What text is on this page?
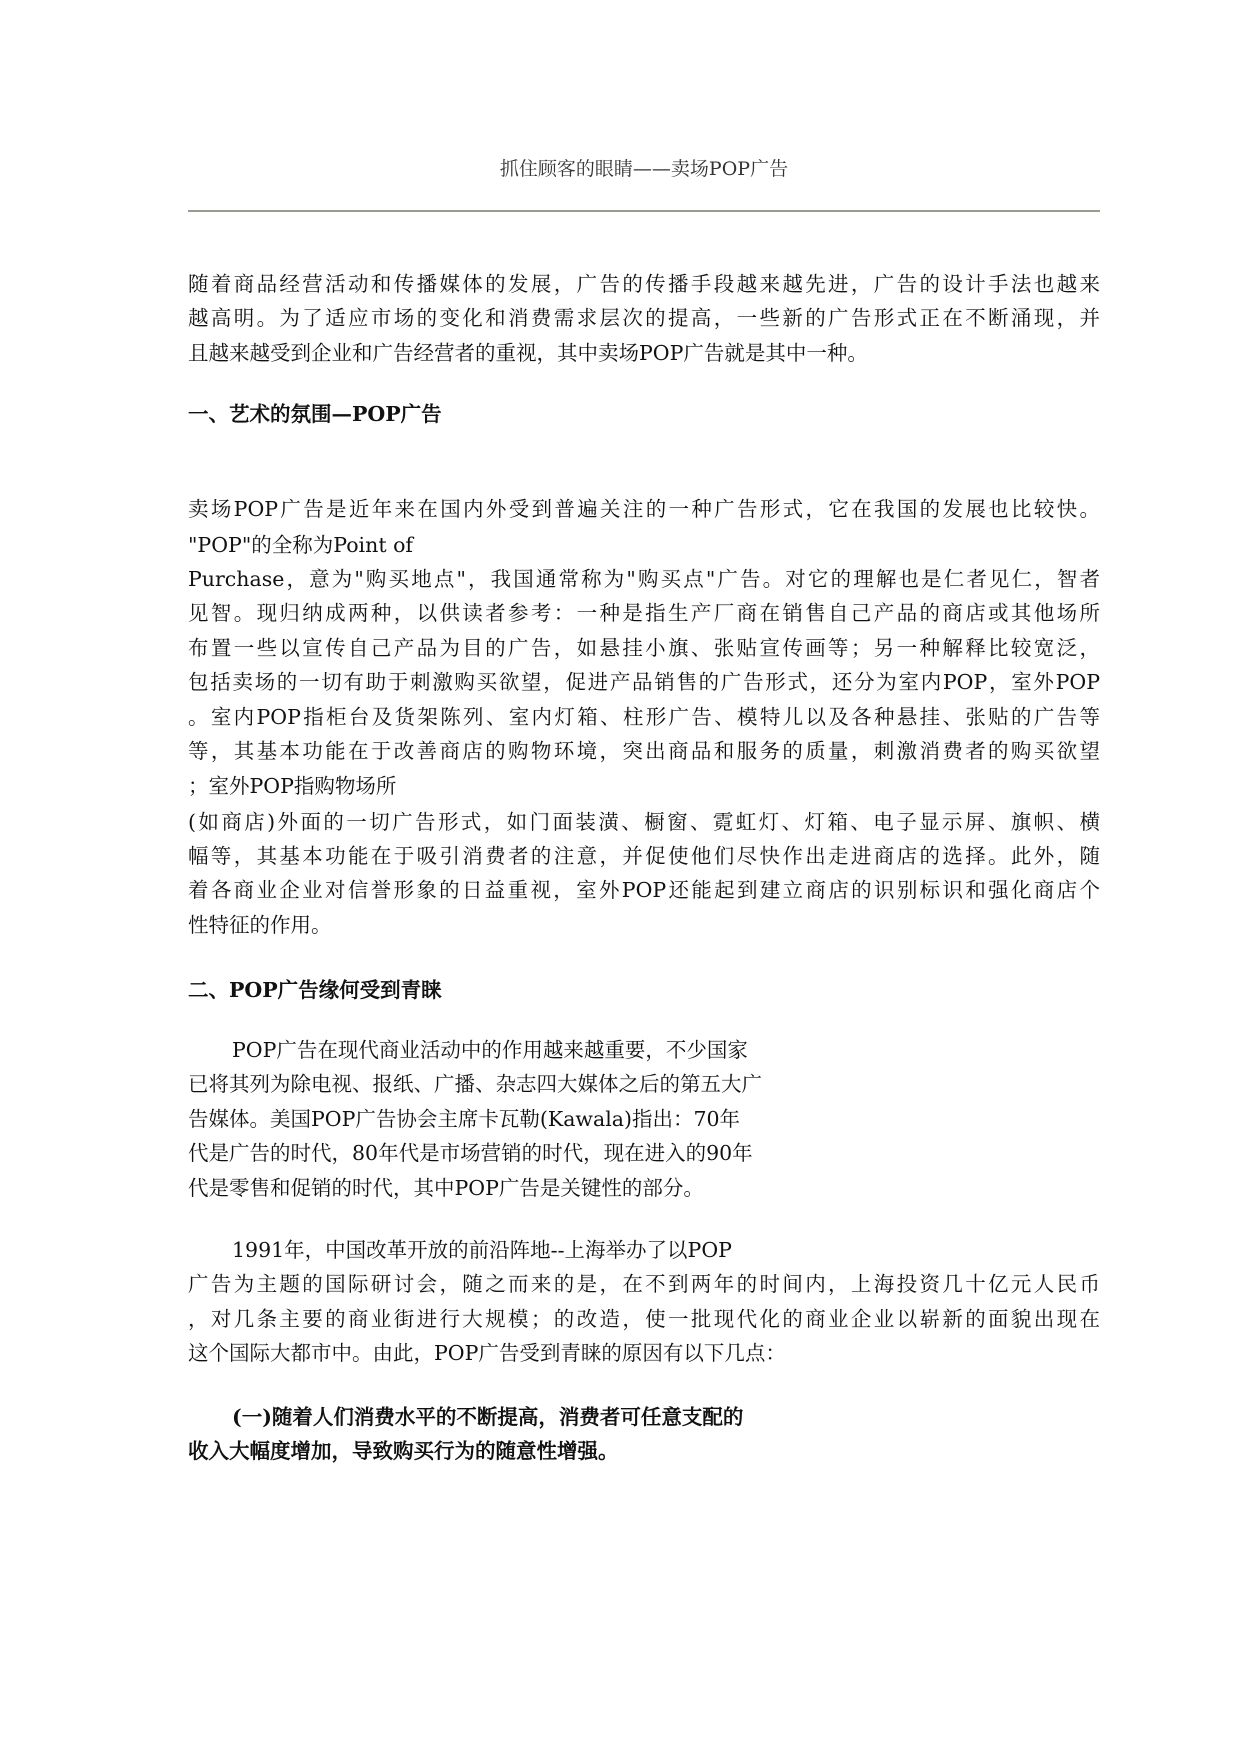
抓住顾客的眼睛——卖场POP广告
随着商品经营活动和传播媒体的发展，广告的传播手段越来越先进，广告的设计手法也越来
越高明。为了适应市场的变化和消费需求层次的提高，一些新的广告形式正在不断涌现，并
且越来越受到企业和广告经营者的重视，其中卖场POP广告就是其中一种。
一、艺术的氛围—POP广告
卖场POP广告是近年来在国内外受到普遍关注的一种广告形式，它在我国的发展也比较快。
"POP"的全称为Point of
Purchase，意为"购买地点"，我国通常称为"购买点"广告。对它的理解也是仁者见仁，智者
见智。现归纳成两种，以供读者参考：一种是指生产厂商在销售自己产品的商店或其他场所
布置一些以宣传自己产品为目的广告，如悬挂小旗、张贴宣传画等；另一种解释比较宽泛，
包括卖场的一切有助于刺激购买欲望，促进产品销售的广告形式，还分为室内POP，室外POP
。室内POP指柜台及货架陈列、室内灯箱、柱形广告、模特儿以及各种悬挂、张贴的广告等
等，其基本功能在于改善商店的购物环境，突出商品和服务的质量，刺激消费者的购买欲望
；室外POP指购物场所
(如商店)外面的一切广告形式，如门面装潢、橱窗、霓虹灯、灯箱、电子显示屏、旗帜、横
幅等，其基本功能在于吸引消费者的注意，并促使他们尽快作出走进商店的选择。此外，随
着各商业企业对信誉形象的日益重视，室外POP还能起到建立商店的识别标识和强化商店个
性特征的作用。
二、POP广告缘何受到青睐
POP广告在现代商业活动中的作用越来越重要，不少国家
已将其列为除电视、报纸、广播、杂志四大媒体之后的第五大广
告媒体。美国POP广告协会主席卡瓦勒(Kawala)指出：70年
代是广告的时代，80年代是市场营销的时代，现在进入的90年
代是零售和促销的时代，其中POP广告是关键性的部分。
1991年，中国改革开放的前沿阵地--上海举办了以POP
广告为主题的国际研讨会，随之而来的是，在不到两年的时间内，上海投资几十亿元人民币
，对几条主要的商业街进行大规模；的改造，使一批现代化的商业企业以崭新的面貌出现在
这个国际大都市中。由此，POP广告受到青睐的原因有以下几点：
(一)随着人们消费水平的不断提高，消费者可任意支配的
收入大幅度增加，导致购买行为的随意性增强。
